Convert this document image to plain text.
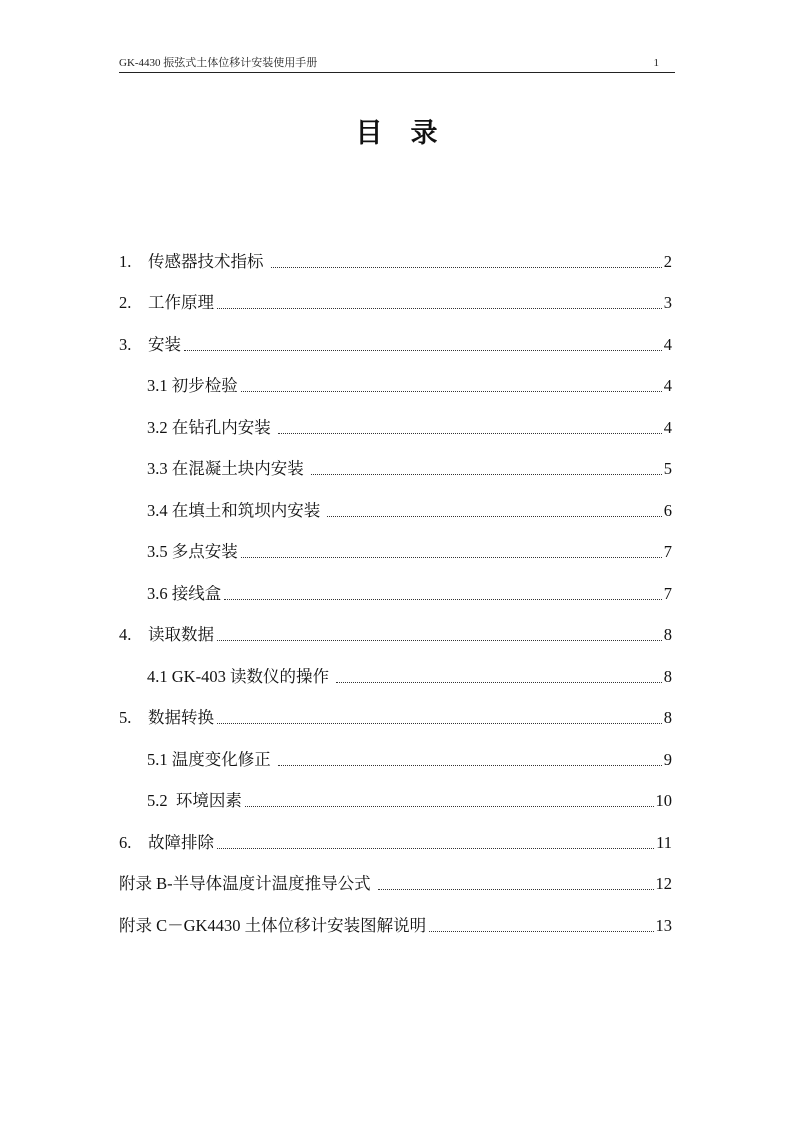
GK-4430 振弦式土体位移计安装使用手册	1
目录
1.	传感器技术指标	2
2.	工作原理	3
3.	安装	4
3.1 初步检验	4
3.2 在钻孔内安装	4
3.3 在混凝土块内安装	5
3.4 在填土和筑坝内安装	6
3.5 多点安装	7
3.6 接线盒	7
4.	读取数据	8
4.1 GK-403 读数仪的操作	8
5.	数据转换	8
5.1 温度变化修正	9
5.2  环境因素	10
6.	故障排除	11
附录 B-半导体温度计温度推导公式	12
附录 C－GK4430 土体位移计安装图解说明	13
